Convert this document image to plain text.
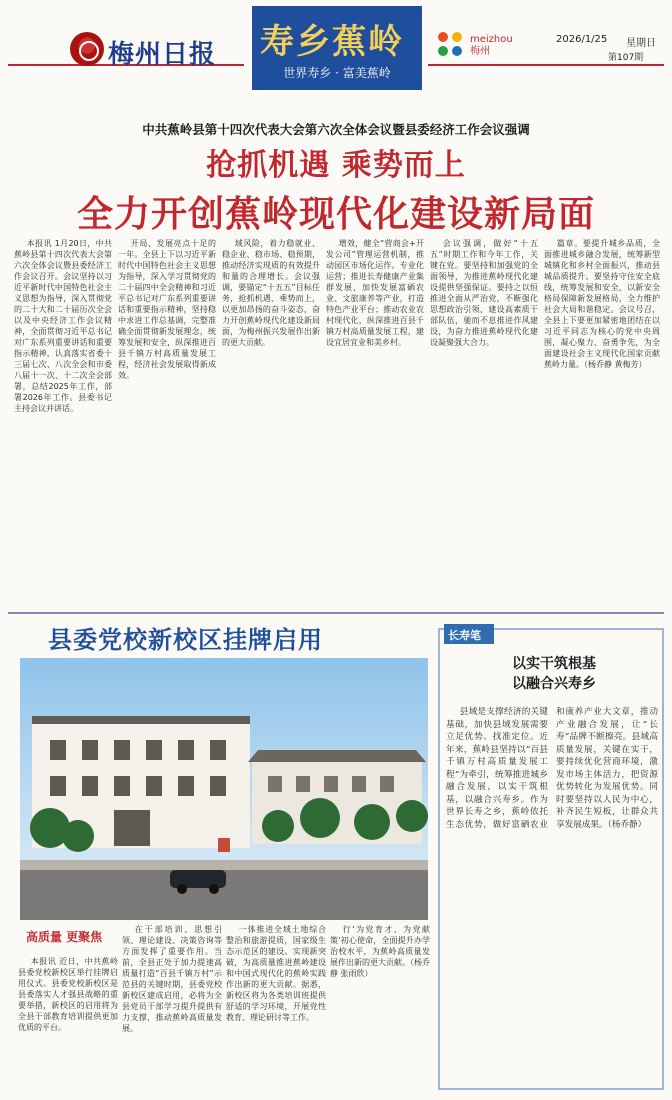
梅州日报 寿乡蕉岭
世界寿乡 · 富美蕉岭
meizhou
梅州
2026/1/25 星期日
第107期
中共蕉岭县第十四次代表大会第六次全体会议暨县委经济工作会议强调
抢抓机遇 乘势而上
全力开创蕉岭现代化建设新局面

本报讯 1月20日，中共蕉岭县第十四次代表大会第六次全体会议暨县委经济工作会议召开。会议坚持以习近平新时代中国特色社会主义思想为指导，深入贯彻党的二十大和二十届历次全会以及中央经济工作会议精神，全面贯彻习近平总书记对广东系列重要讲话和重要指示精神，认真落实省委十三届七次、八次全会和市委八届十一次、十二次全会部署，总结2025年工作，部署2026年工作。县委书记主持会议并讲话。

开局、发展亮点十足的一年。全县上下以习近平新时代中国特色社会主义思想为指导，深入学习贯彻党的二十届四中全会精神和习近平总书记对广东系列重要讲话和重要指示精神，坚持稳中求进工作总基调，完整准确全面贯彻新发展理念，统筹发展和安全，纵深推进百县千镇万村高质量发展工程，经济社会发展取得新成效。

域风险，着力稳就业、稳企业、稳市场、稳预期，推动经济实现质的有效提升和量的合理增长。会议强调，要锚定“十五五”目标任务，抢抓机遇、乘势而上，以更加昂扬的奋斗姿态，奋力开创蕉岭现代化建设新局面，为梅州振兴发展作出新的更大贡献。

增效，健全“营商会+开发公司”管理运营机制，推动园区市场化运作。专业化运营；推进长寿健康产业集群发展，加快发展富硒农业、文旅康养等产业，打造特色产业平台；推动农业农村现代化，纵深推进百县千镇万村高质量发展工程，建设宜居宜业和美乡村。

会议强调，做好“十五五”时期工作和今年工作，关键在党。要坚持和加强党的全面领导，为推进蕉岭现代化建设提供坚强保证。要持之以恒推进全面从严治党，不断强化思想政治引领，建设高素质干部队伍，驰而不息推进作风建设，为奋力推进蕉岭现代化建设凝聚强大合力。

篇章。要提升城乡品质，全面推进城乡融合发展，统筹新型城镇化和乡村全面振兴，推动县城品质提升。要坚持守住安全底线，统筹发展和安全，以新安全格局保障新发展格局，全力维护社会大局和谐稳定。会议号召，全县上下要更加紧密地团结在以习近平同志为核心的党中央周围，凝心聚力、奋勇争先，为全面建设社会主义现代化国家贡献蕉岭力量。（杨乔静 黄梅芳）

县委党校新校区挂牌启用
高质量 更聚焦

本报讯 近日，中共蕉岭县委党校新校区举行挂牌启用仪式。县委党校新校区是县委落实人才强县战略的重要举措，新校区的启用将为全县干部教育培训提供更加优质的平台。

在干部培训、思想引领、理论建设、决策咨询等方面发挥了重要作用。当前，全县正处于加力提速高质量打造“百县千镇万村”示范县的关键时期，县委党校新校区建成启用，必将为全县党员干部学习提升提供有力支撑，推动蕉岭高质量发展。

一体推进全域土地综合整治和旅游提质，国家级生态示范区的建设。实现新突破，为高质量推进蕉岭建设和中国式现代化的蕉岭实践作出新的更大贡献。据悉，新校区将为各类培训班提供舒适的学习环境，开展党性教育、理论研讨等工作。

行‘为党育才、为党献策’初心使命，全面提升办学治校水平，为蕉岭高质量发展作出新的更大贡献。（杨乔静 张雨欣）

长寿笔
以实干筑根基
以融合兴寿乡

县域是支撑经济的关键基础，加快县域发展需要立足优势、找准定位。近年来，蕉岭县坚持以“百县千镇万村高质量发展工程”为牵引，统筹推进城乡融合发展，以实干筑根基，以融合兴寿乡。作为世界长寿之乡，蕉岭依托生态优势，做好富硒农业和康养产业大文章，推动产业融合发展，让“长寿”品牌不断擦亮。县域高质量发展，关键在实干，要持续优化营商环境，激发市场主体活力，把资源优势转化为发展优势。同时要坚持以人民为中心，补齐民生短板，让群众共享发展成果。（杨乔静）
